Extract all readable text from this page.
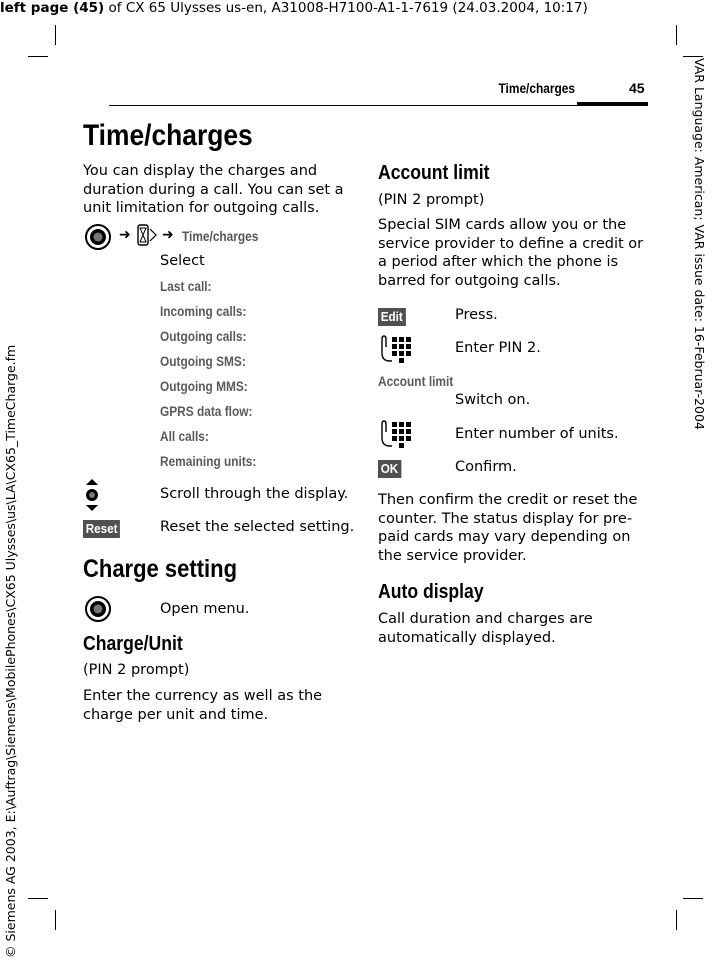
left page (45) of CX 65 Ulysses us-en, A31008-H7100-A1-1-7619 (24.03.2004, 10:17)
VAR Language: American; VAR issue date: 16-Februar-2004
© Siemens AG 2003, E:\Auftrag\Siemens\MobilePhones\CX65 Ulysses\us\LA\CX65_TimeCharge.fm
Time/charges	45
Time/charges
You can display the charges and duration during a call. You can set a unit limitation for outgoing calls.
➜ ➜ Time/charges
Select
Last call:
Incoming calls:
Outgoing calls:
Outgoing SMS:
Outgoing MMS:
GPRS data flow:
All calls:
Remaining units:
Scroll through the display.
Reset	Reset the selected setting.
Charge setting
Open menu.
Charge/Unit
(PIN 2 prompt)
Enter the currency as well as the charge per unit and time.
Account limit
(PIN 2 prompt)
Special SIM cards allow you or the service provider to define a credit or a period after which the phone is barred for outgoing calls.
Edit	Press.
Enter PIN 2.
Account limit
Switch on.
Enter number of units.
OK	Confirm.
Then confirm the credit or reset the counter. The status display for pre-paid cards may vary depending on the service provider.
Auto display
Call duration and charges are automatically displayed.
